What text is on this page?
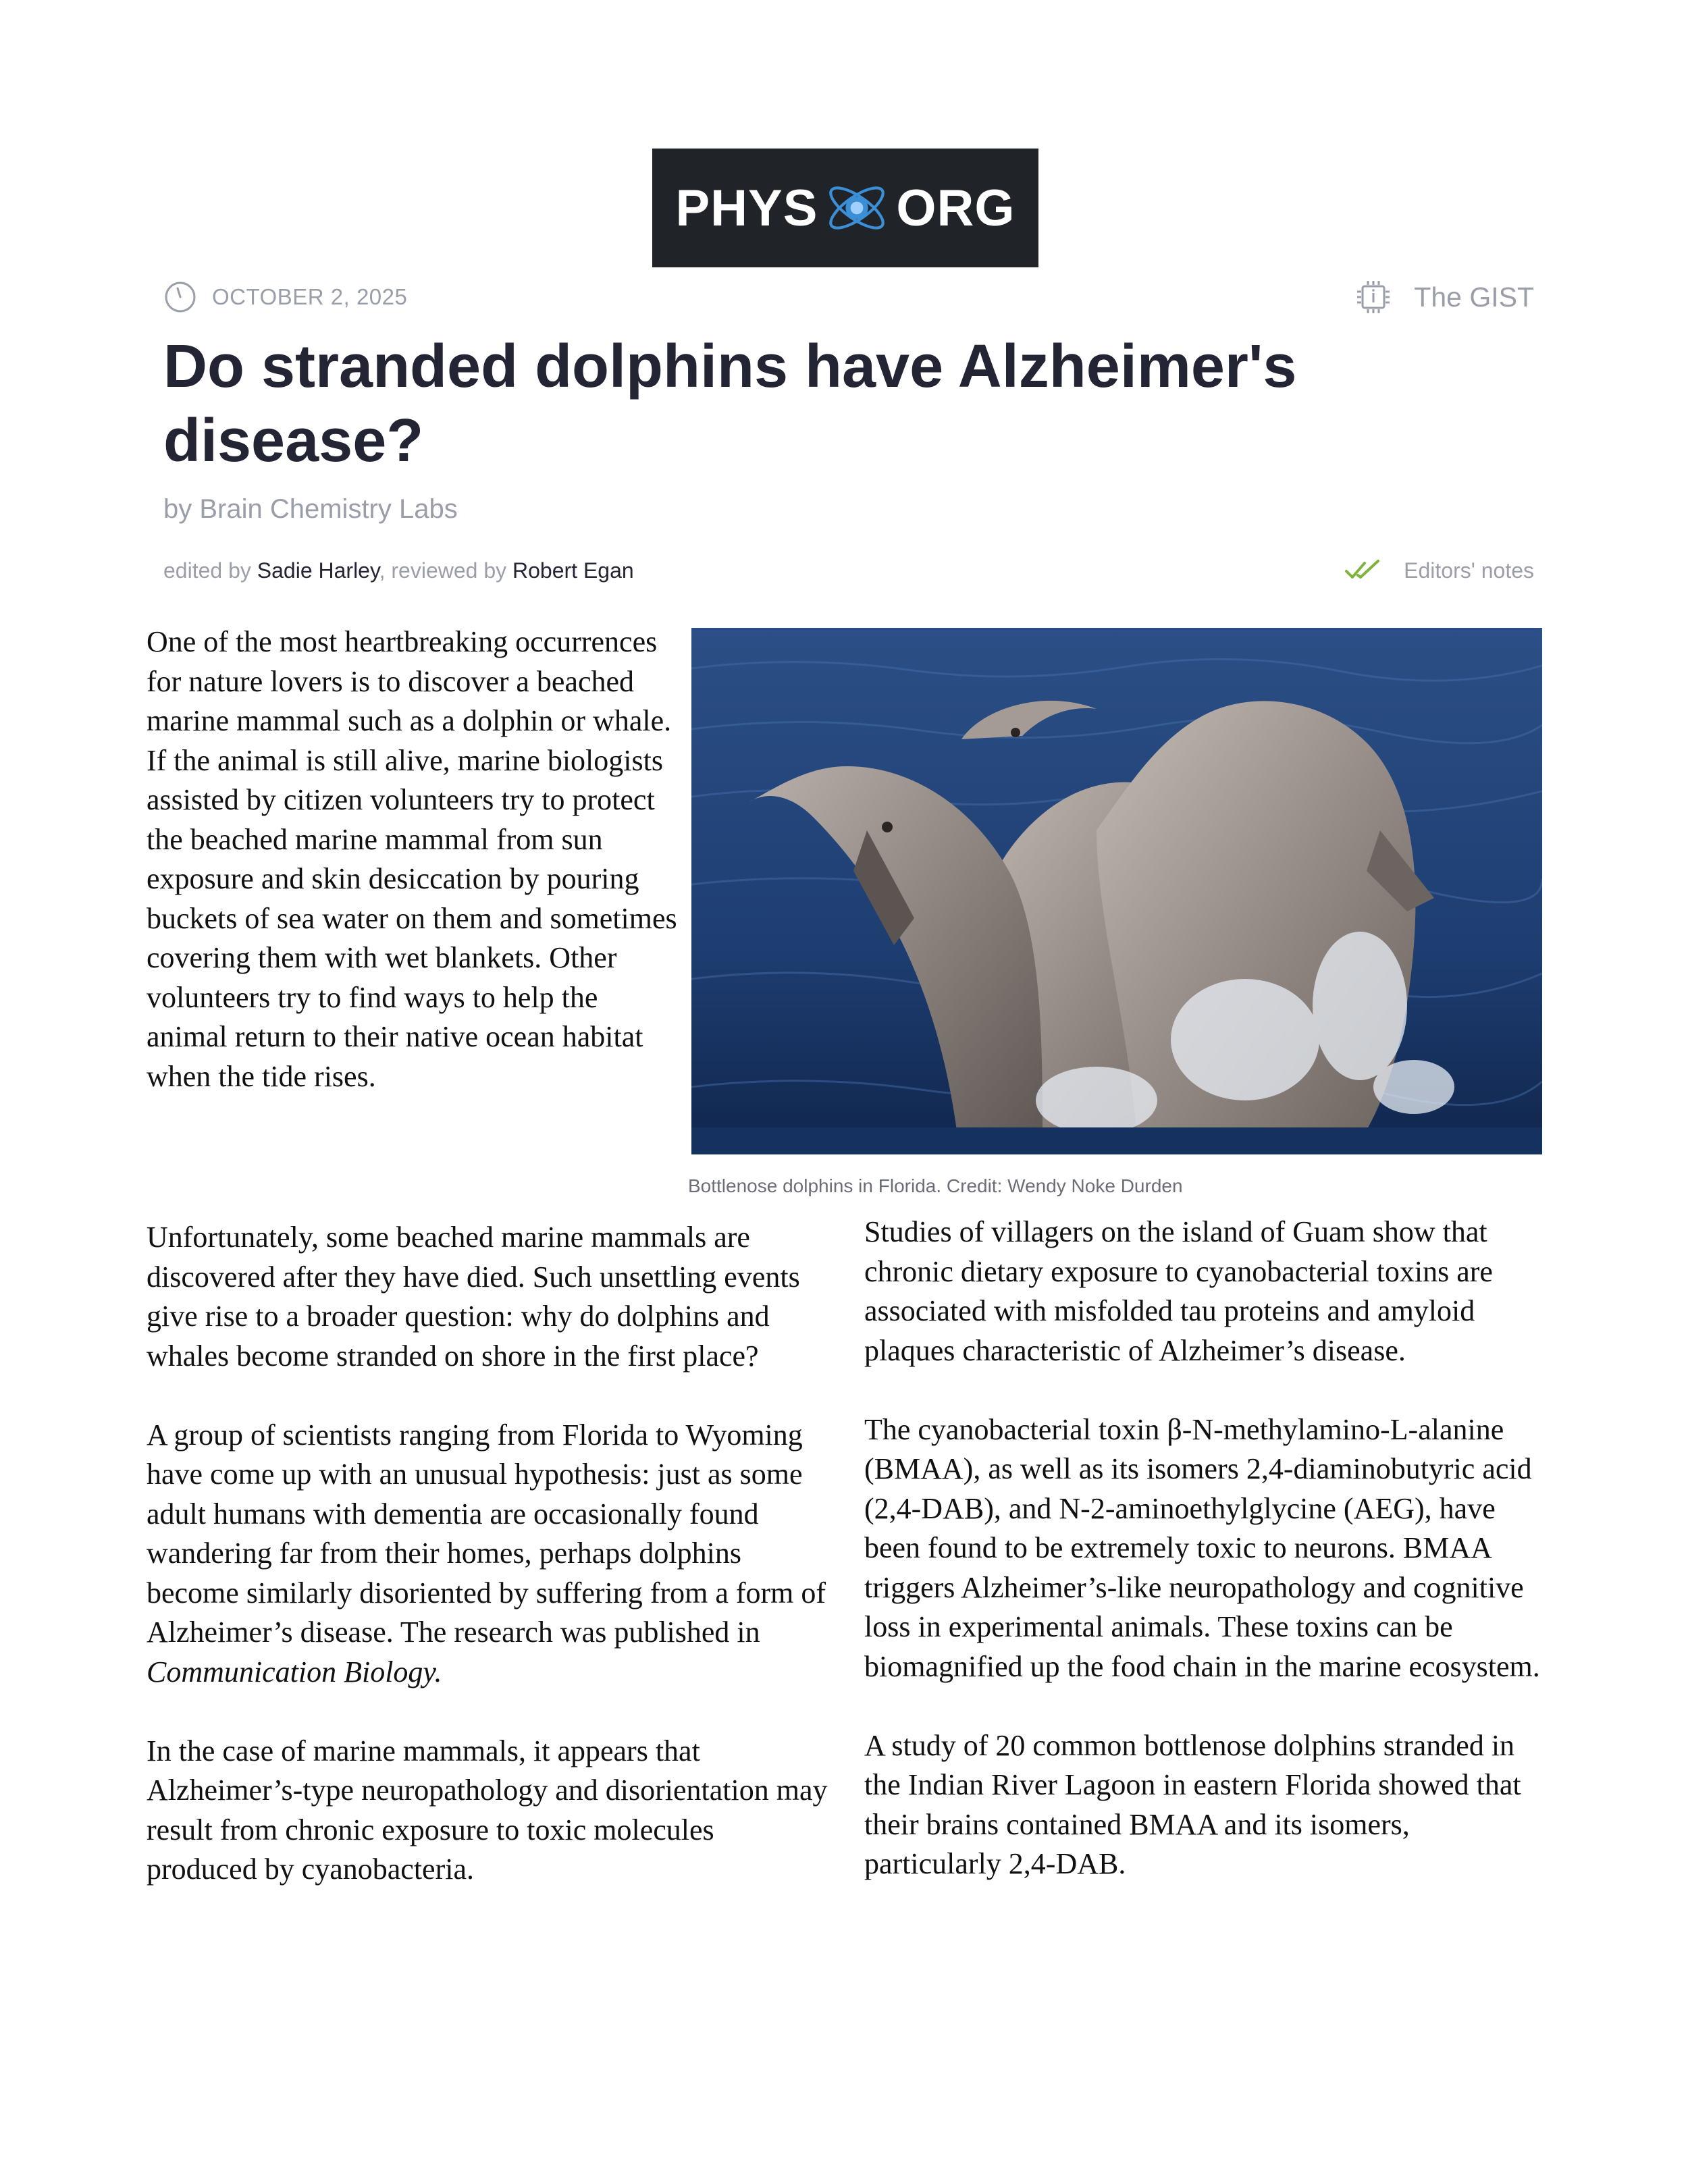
PHYS ORG
OCTOBER 2, 2025	The GIST
Do stranded dolphins have Alzheimer's disease?
by Brain Chemistry Labs
edited by Sadie Harley, reviewed by Robert Egan	Editors' notes

One of the most heartbreaking occurrences for nature lovers is to discover a beached marine mammal such as a dolphin or whale. If the animal is still alive, marine biologists assisted by citizen volunteers try to protect the beached marine mammal from sun exposure and skin desiccation by pouring buckets of sea water on them and sometimes covering them with wet blankets. Other volunteers try to find ways to help the animal return to their native ocean habitat when the tide rises.

Bottlenose dolphins in Florida. Credit: Wendy Noke Durden

Unfortunately, some beached marine mammals are discovered after they have died. Such unsettling events give rise to a broader question: why do dolphins and whales become stranded on shore in the first place?

A group of scientists ranging from Florida to Wyoming have come up with an unusual hypothesis: just as some adult humans with dementia are occasionally found wandering far from their homes, perhaps dolphins become similarly disoriented by suffering from a form of Alzheimer’s disease. The research was published in Communication Biology.

In the case of marine mammals, it appears that Alzheimer’s-type neuropathology and disorientation may result from chronic exposure to toxic molecules produced by cyanobacteria.

Studies of villagers on the island of Guam show that chronic dietary exposure to cyanobacterial toxins are associated with misfolded tau proteins and amyloid plaques characteristic of Alzheimer’s disease.

The cyanobacterial toxin β-N-methylamino-L-alanine (BMAA), as well as its isomers 2,4-diaminobutyric acid (2,4-DAB), and N-2-aminoethylglycine (AEG), have been found to be extremely toxic to neurons. BMAA triggers Alzheimer’s-like neuropathology and cognitive loss in experimental animals. These toxins can be biomagnified up the food chain in the marine ecosystem.

A study of 20 common bottlenose dolphins stranded in the Indian River Lagoon in eastern Florida showed that their brains contained BMAA and its isomers, particularly 2,4-DAB.
